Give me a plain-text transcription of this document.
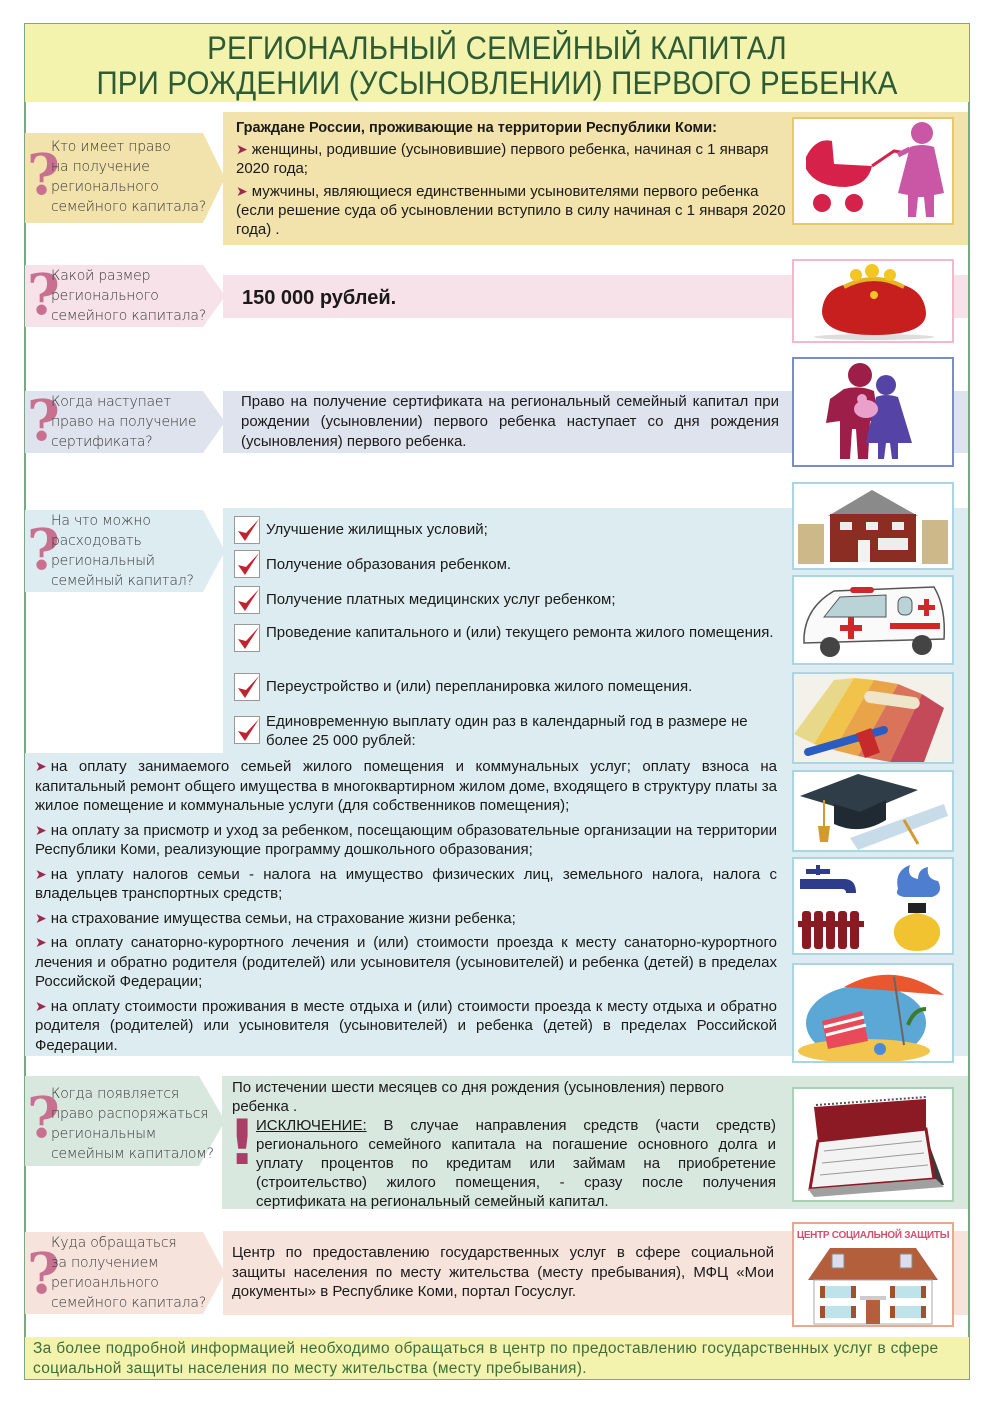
РЕГИОНАЛЬНЫЙ СЕМЕЙНЫЙ КАПИТАЛ
ПРИ РОЖДЕНИИ (УСЫНОВЛЕНИИ) ПЕРВОГО РЕБЕНКА
?
Кто имеет право
на получение
регионального
семейного капитала?

Граждане России, проживающие на территории Республики Коми:

➤ женщины, родившие (усыновившие) первого ребенка, начиная с 1 января 2020 года;

➤ мужчины, являющиеся единственными усыновителями первого ребенка (если решение суда об усыновлении вступило в силу начиная с 1 января 2020 года) .

?
Какой размер
регионального
семейного капитала?
150 000 рублей.
?
Когда наступает
право на получение
сертификата?
Право на получение сертификата на региональный семейный капитал при рождении (усыновлении) первого ребенка наступает со дня рождения (усыновления) первого ребенка.
?
На что можно
расходовать
региональный
семейный капитал?
Улучшение жилищных условий;
Получение образования ребенком.
Получение платных медицинских услуг ребенком;
Проведение капитального и (или) текущего ремонта жилого помещения.
Переустройство и (или) перепланировка жилого помещения.
Единовременную выплату один раз в календарный год в размере не более 25 000 рублей:

➤ на оплату занимаемого семьей жилого помещения и коммунальных услуг; оплату взноса на капитальный ремонт общего имущества в многоквартирном жилом доме, входящего в структуру платы за жилое помещение и коммунальные услуги (для собственников помещения);

➤ на оплату за присмотр и уход за ребенком, посещающим образовательные организации на территории Республики Коми, реализующие программу дошкольного образования;

➤ на уплату налогов семьи - налога на имущество физических лиц, земельного налога, налога с владельцев транспортных средств;

➤ на страхование имущества семьи, на страхование жизни ребенка;

➤ на оплату санаторно-курортного лечения и (или) стоимости проезда к месту санаторно-курортного лечения и обратно родителя (родителей) или усыновителя (усыновителей) и ребенка (детей) в пределах Российской Федерации;

➤ на оплату стоимости проживания в месте отдыха и (или) стоимости проезда к месту отдыха и обратно родителя (родителей) или усыновителя (усыновителей) и ребенка (детей) в пределах Российской Федерации.

?
Когда появляется
право распоряжаться
региональным
семейным капиталом?

По истечении шести месяцев со дня рождения (усыновления) первого ребенка .

! ИСКЛЮЧЕНИЕ: В случае направления средств (части средств) регионального семейного капитала на погашение основного долга и уплату процентов по кредитам или займам на приобретение (строительство) жилого помещения, - сразу после получения сертификата на региональный семейный капитал.
?
Куда обращаться
за получением
региоанльного
семейного капитала?
Центр по предоставлению государственных услуг в сфере социальной защиты населения по месту жительства (месту пребывания), МФЦ «Мои документы» в Республике Коми, портал Госуслуг.
ЦЕНТР СОЦИАЛЬНОЙ ЗАЩИТЫ
За более подробной информацией необходимо обращаться в центр по предоставлению государственных услуг в сфере социальной защиты населения по месту жительства (месту пребывания).
